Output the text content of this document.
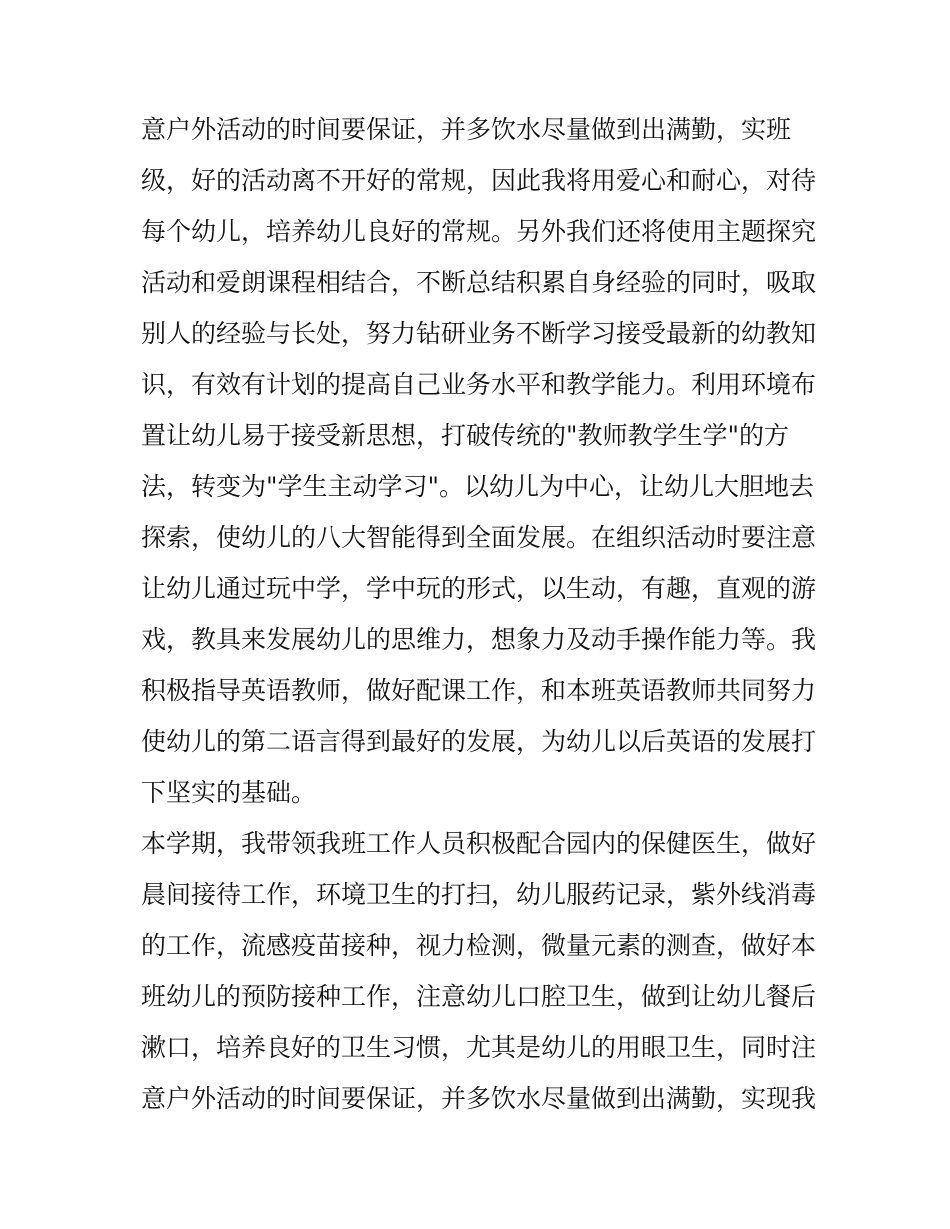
意户外活动的时间要保证，并多饮水尽量做到出满勤，实班
级，好的活动离不开好的常规，因此我将用爱心和耐心，对待
每个幼儿，培养幼儿良好的常规。另外我们还将使用主题探究
活动和爱朗课程相结合，不断总结积累自身经验的同时，吸取
别人的经验与长处，努力钻研业务不断学习接受最新的幼教知
识，有效有计划的提高自己业务水平和教学能力。利用环境布
置让幼儿易于接受新思想，打破传统的"教师教学生学"的方
法，转变为"学生主动学习"。以幼儿为中心，让幼儿大胆地去
探索，使幼儿的八大智能得到全面发展。在组织活动时要注意
让幼儿通过玩中学，学中玩的形式，以生动，有趣，直观的游
戏，教具来发展幼儿的思维力，想象力及动手操作能力等。我
积极指导英语教师，做好配课工作，和本班英语教师共同努力
使幼儿的第二语言得到最好的发展，为幼儿以后英语的发展打
下坚实的基础。
本学期，我带领我班工作人员积极配合园内的保健医生，做好
晨间接待工作，环境卫生的打扫，幼儿服药记录，紫外线消毒
的工作，流感疫苗接种，视力检测，微量元素的测查，做好本
班幼儿的预防接种工作，注意幼儿口腔卫生，做到让幼儿餐后
漱口，培养良好的卫生习惯，尤其是幼儿的用眼卫生，同时注
意户外活动的时间要保证，并多饮水尽量做到出满勤，实现我
